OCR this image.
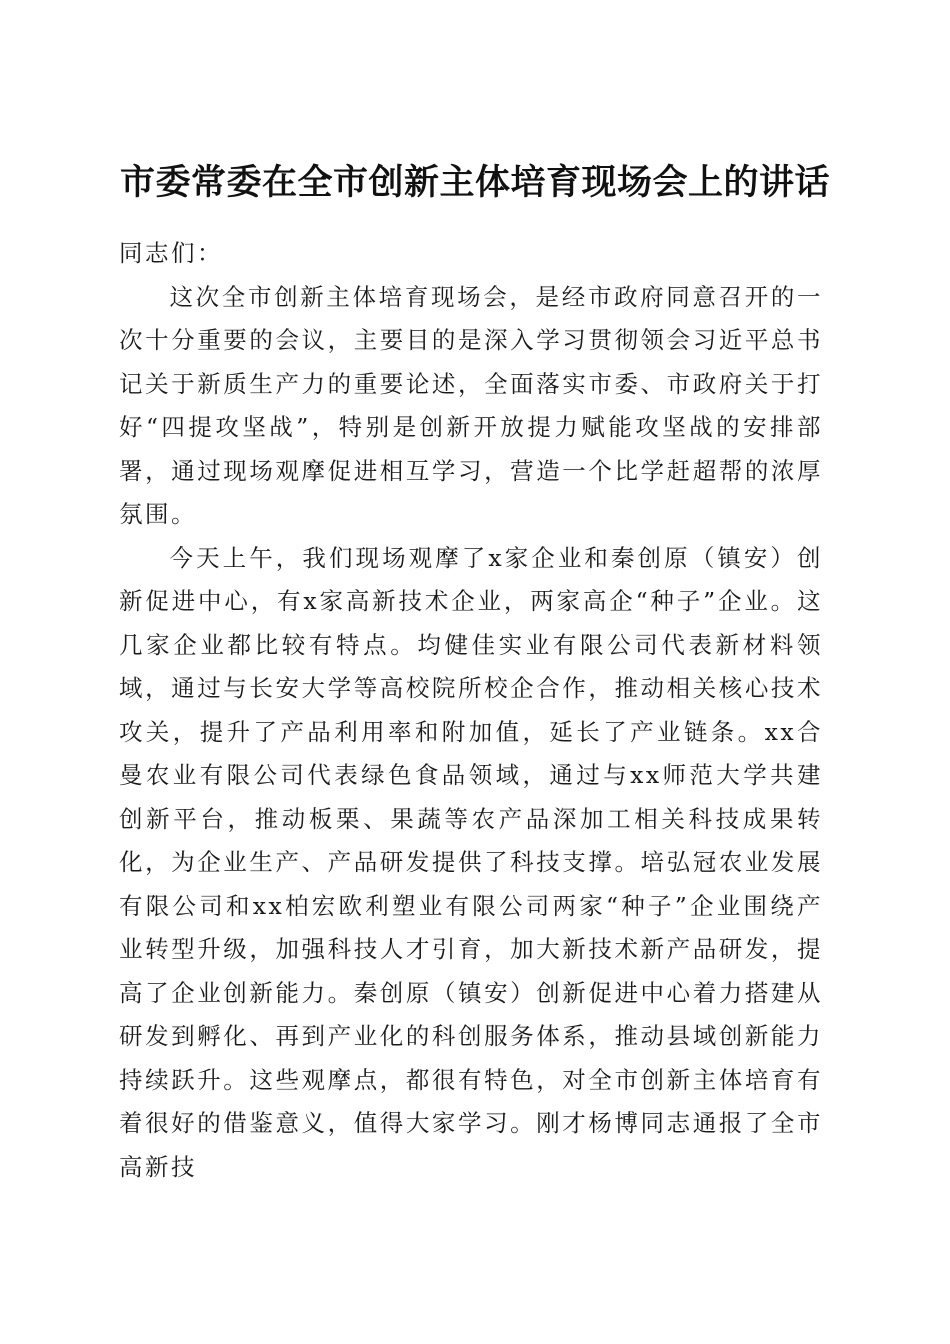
市委常委在全市创新主体培育现场会上的讲话

同志们：

这次全市创新主体培育现场会，是经市政府同意召开的一次十分重要的会议，主要目的是深入学习贯彻领会习近平总书记关于新质生产力的重要论述，全面落实市委、市政府关于打好“四提攻坚战”，特别是创新开放提力赋能攻坚战的安排部署，通过现场观摩促进相互学习，营造一个比学赶超帮的浓厚氛围。

今天上午，我们现场观摩了x家企业和秦创原（镇安）创新促进中心，有x家高新技术企业，两家高企“种子”企业。这几家企业都比较有特点。均健佳实业有限公司代表新材料领域，通过与长安大学等高校院所校企合作，推动相关核心技术攻关，提升了产品利用率和附加值，延长了产业链条。xx合曼农业有限公司代表绿色食品领域，通过与xx师范大学共建创新平台，推动板栗、果蔬等农产品深加工相关科技成果转化，为企业生产、产品研发提供了科技支撑。培弘冠农业发展有限公司和xx柏宏欧利塑业有限公司两家“种子”企业围绕产业转型升级，加强科技人才引育，加大新技术新产品研发，提高了企业创新能力。秦创原（镇安）创新促进中心着力搭建从研发到孵化、再到产业化的科创服务体系，推动县域创新能力持续跃升。这些观摩点，都很有特色，对全市创新主体培育有着很好的借鉴意义，值得大家学习。刚才杨博同志通报了全市高新技
